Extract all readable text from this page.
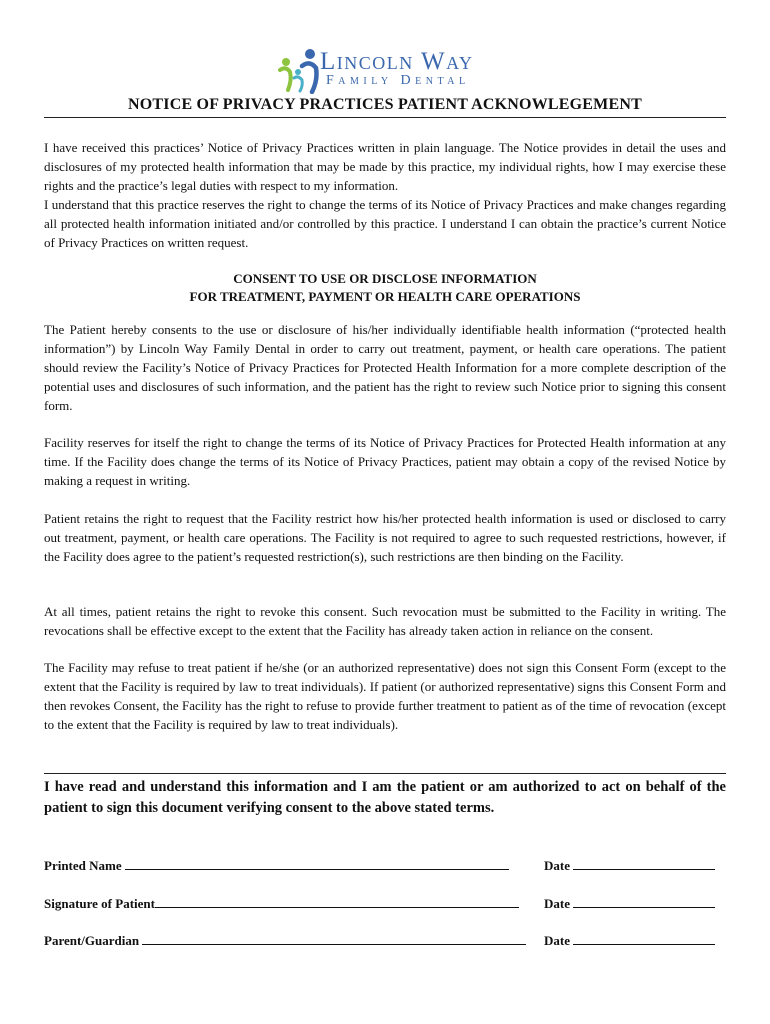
Lincoln Way
Family Dental
NOTICE OF PRIVACY PRACTICES PATIENT ACKNOWLEGEMENT
I have received this practices’ Notice of Privacy Practices written in plain language. The Notice provides in detail the uses and disclosures of my protected health information that may be made by this practice, my individual rights, how I may exercise these rights and the practice’s legal duties with respect to my information.
I understand that this practice reserves the right to change the terms of its Notice of Privacy Practices and make changes regarding all protected health information initiated and/or controlled by this practice. I understand I can obtain the practice’s current Notice of Privacy Practices on written request.
CONSENT TO USE OR DISCLOSE INFORMATION
FOR TREATMENT, PAYMENT OR HEALTH CARE OPERATIONS

The Patient hereby consents to the use or disclosure of his/her individually identifiable health information (“protected health information”) by Lincoln Way Family Dental in order to carry out treatment, payment, or health care operations. The patient should review the Facility’s Notice of Privacy Practices for Protected Health Information for a more complete description of the potential uses and disclosures of such information, and the patient has the right to review such Notice prior to signing this consent form.

Facility reserves for itself the right to change the terms of its Notice of Privacy Practices for Protected Health information at any time. If the Facility does change the terms of its Notice of Privacy Practices, patient may obtain a copy of the revised Notice by making a request in writing.

Patient retains the right to request that the Facility restrict how his/her protected health information is used or disclosed to carry out treatment, payment, or health care operations. The Facility is not required to agree to such requested restrictions, however, if the Facility does agree to the patient’s requested restriction(s), such restrictions are then binding on the Facility.

At all times, patient retains the right to revoke this consent. Such revocation must be submitted to the Facility in writing. The revocations shall be effective except to the extent that the Facility has already taken action in reliance on the consent.

The Facility may refuse to treat patient if he/she (or an authorized representative) does not sign this Consent Form (except to the extent that the Facility is required by law to treat individuals). If patient (or authorized representative) signs this Consent Form and then revokes Consent, the Facility has the right to refuse to provide further treatment to patient as of the time of revocation (except to the extent that the Facility is required by law to treat individuals).

I have read and understand this information and I am the patient or am authorized to act on behalf of the patient to sign this document verifying consent to the above stated terms.

Printed Name	Date
Signature of Patient	Date
Parent/Guardian	Date
